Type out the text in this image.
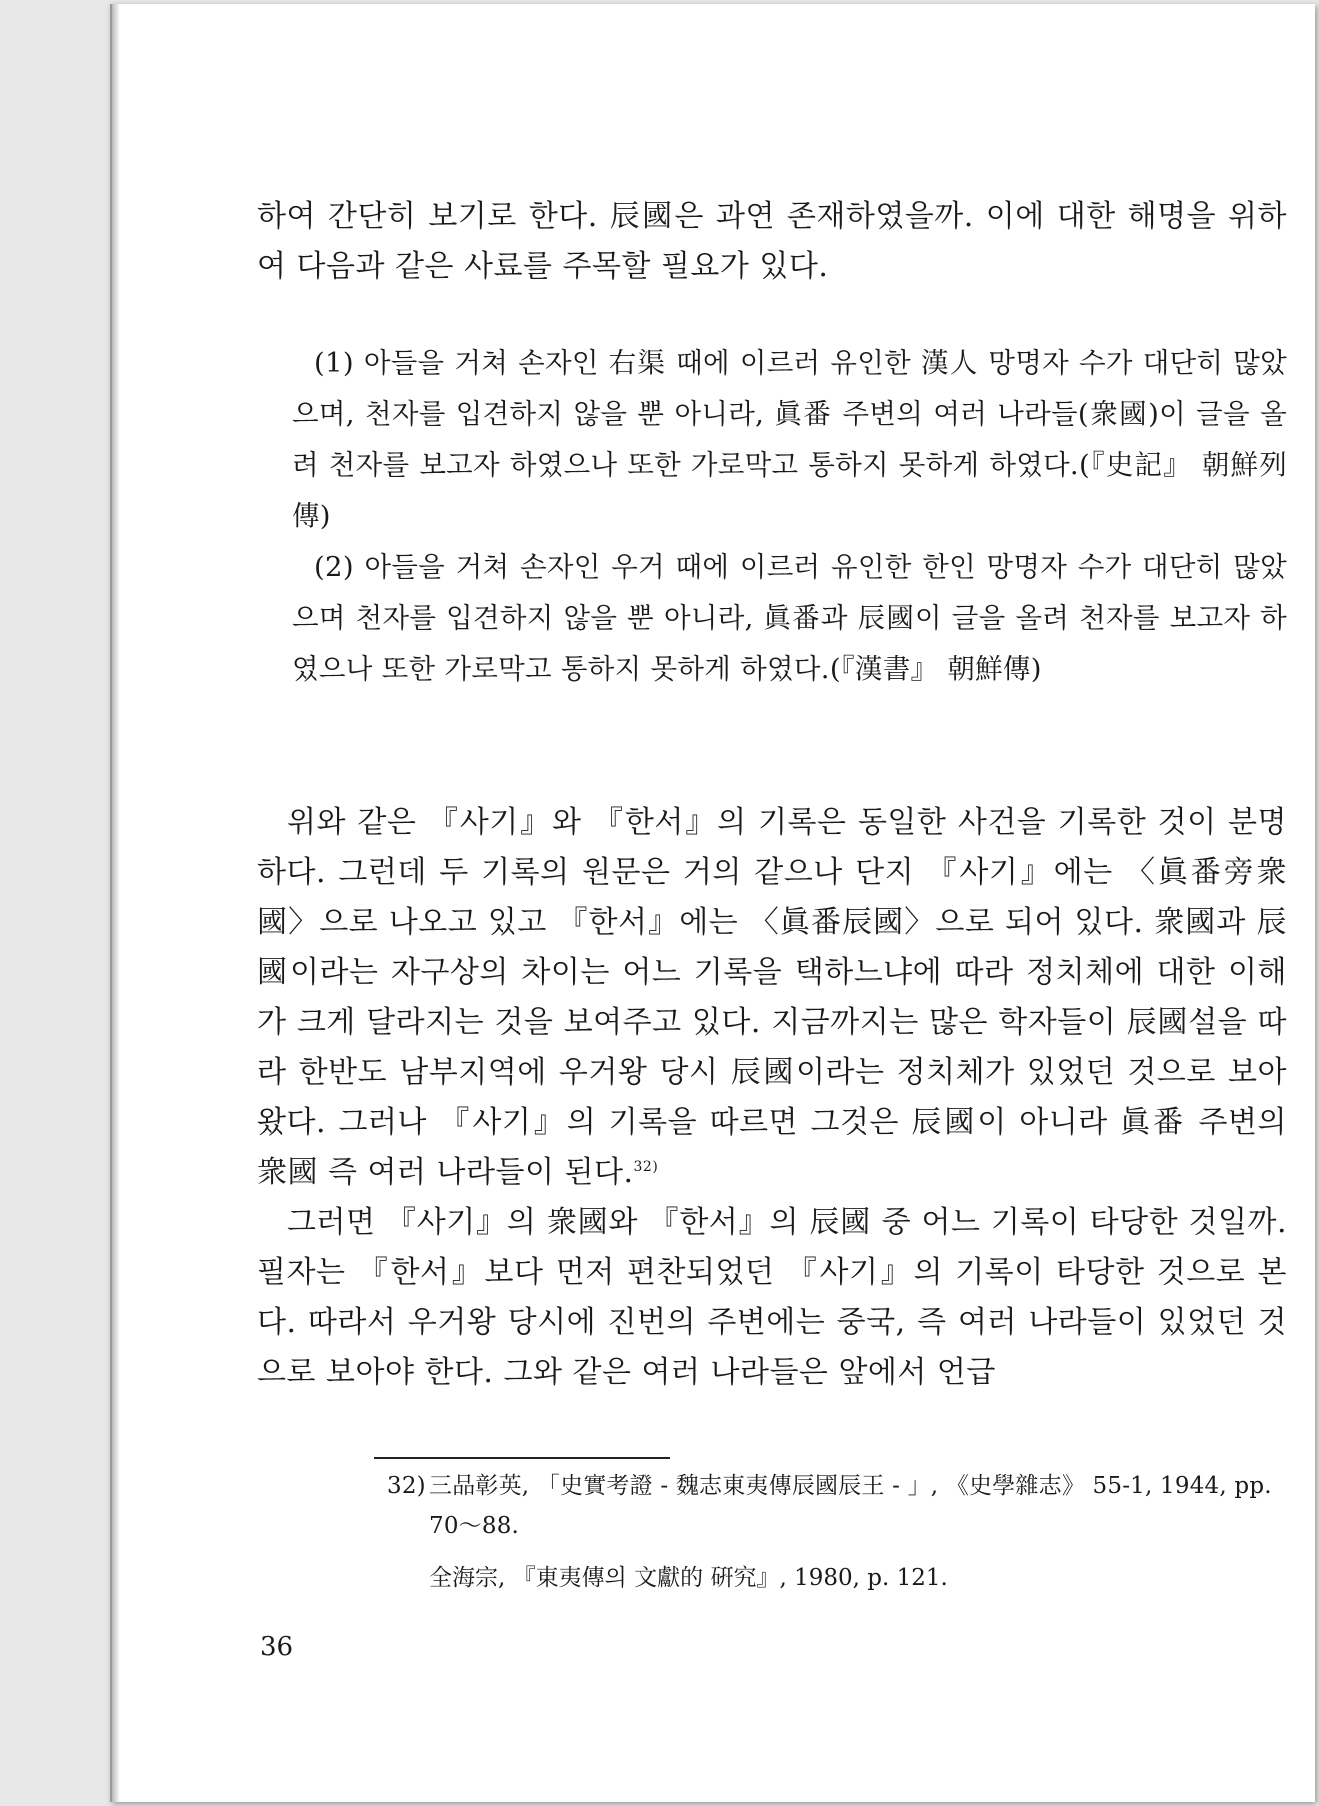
하여 간단히 보기로 한다. 辰國은 과연 존재하였을까. 이에 대한 해명을 위하여 다음과 같은 사료를 주목할 필요가 있다.

(1) 아들을 거쳐 손자인 右渠 때에 이르러 유인한 漢人 망명자 수가 대단히 많았으며, 천자를 입견하지 않을 뿐 아니라, 眞番 주변의 여러 나라들(衆國)이 글을 올려 천자를 보고자 하였으나 또한 가로막고 통하지 못하게 하였다.(『史記』 朝鮮列傳)

(2) 아들을 거쳐 손자인 우거 때에 이르러 유인한 한인 망명자 수가 대단히 많았으며 천자를 입견하지 않을 뿐 아니라, 眞番과 辰國이 글을 올려 천자를 보고자 하였으나 또한 가로막고 통하지 못하게 하였다.(『漢書』 朝鮮傳)

위와 같은 『사기』와 『한서』의 기록은 동일한 사건을 기록한 것이 분명하다. 그런데 두 기록의 원문은 거의 같으나 단지 『사기』에는 〈眞番旁衆國〉으로 나오고 있고 『한서』에는 〈眞番辰國〉으로 되어 있다. 衆國과 辰國이라는 자구상의 차이는 어느 기록을 택하느냐에 따라 정치체에 대한 이해가 크게 달라지는 것을 보여주고 있다. 지금까지는 많은 학자들이 辰國설을 따라 한반도 남부지역에 우거왕 당시 辰國이라는 정치체가 있었던 것으로 보아 왔다. 그러나 『사기』의 기록을 따르면 그것은 辰國이 아니라 眞番 주변의 衆國 즉 여러 나라들이 된다.$^{32)}$

그러면 『사기』의 衆國와 『한서』의 辰國 중 어느 기록이 타당한 것일까. 필자는 『한서』보다 먼저 편찬되었던 『사기』의 기록이 타당한 것으로 본다. 따라서 우거왕 당시에 진번의 주변에는 중국, 즉 여러 나라들이 있었던 것으로 보아야 한다. 그와 같은 여러 나라들은 앞에서 언급

32) 三品彰英, 「史實考證 - 魏志東夷傳辰國辰王 - 」, 《史學雜志》 55-1, 1944, pp. 70～88.

全海宗, 『東夷傳의 文獻的 硏究』, 1980, p. 121.

36
